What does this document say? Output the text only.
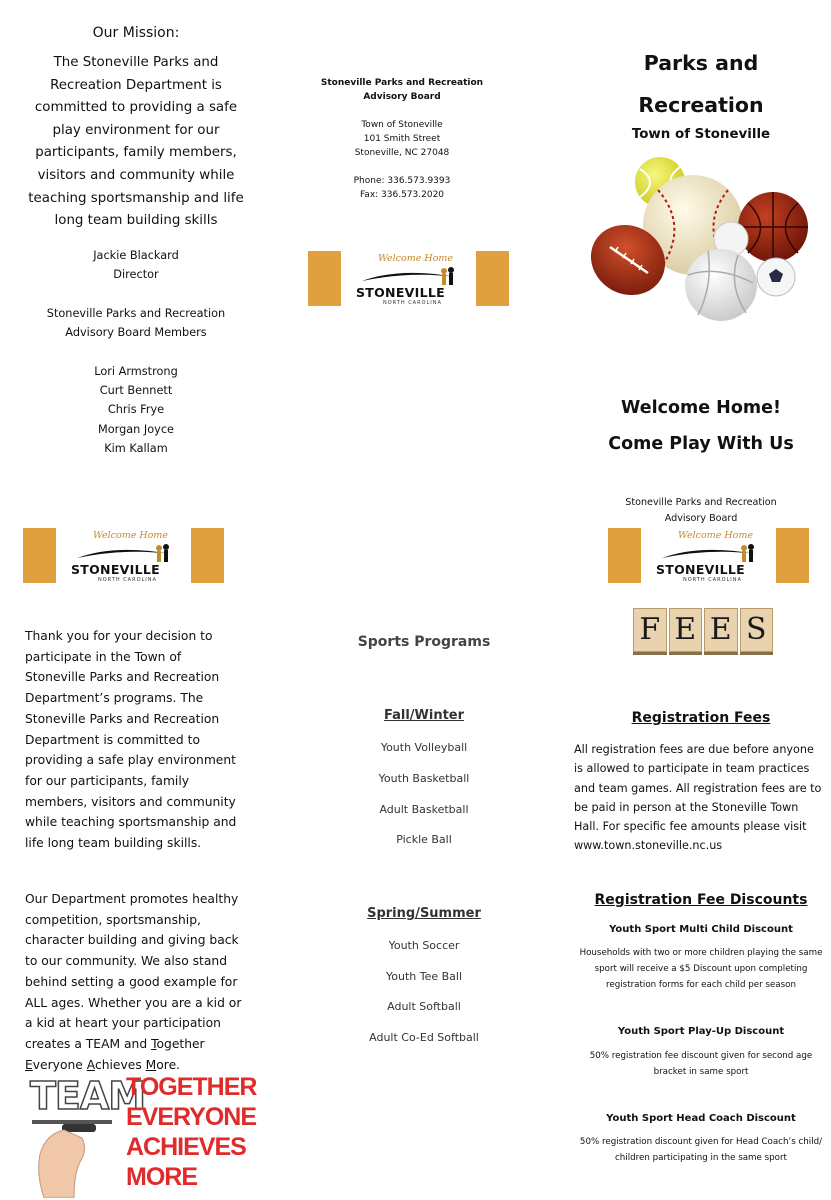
Our Mission:
The Stoneville Parks and Recreation Department is committed to providing a safe play environment for our participants, family members, visitors and community while teaching sportsmanship and life long team building skills
Jackie Blackard
Director
Stoneville Parks and Recreation
Advisory Board Members
Lori Armstrong
Curt Bennett
Chris Frye
Morgan Joyce
Kim Kallam
Welcome Home
STONEVILLE
NORTH CAROLINA
Stoneville Parks and Recreation
Advisory Board
Town of Stoneville
101 Smith Street
Stoneville, NC 27048
Phone: 336.573.9393
Fax: 336.573.2020
Welcome Home
STONEVILLE
NORTH CAROLINA
Parks and
Recreation
Town of Stoneville
Welcome Home!
Come Play With Us
Stoneville Parks and Recreation
Advisory Board
Welcome Home
STONEVILLE
NORTH CAROLINA
Thank you for your decision to participate in the Town of Stoneville Parks and Recreation Department’s programs. The Stoneville Parks and Recreation Department is committed to providing a safe play environment for our participants, family members, visitors and community while teaching sportsmanship and life long team building skills.
Our Department promotes healthy competition, sportsmanship, character building and giving back to our community. We also stand behind setting a good example for ALL ages. Whether you are a kid or a kid at heart your participation creates a TEAM and Together Everyone Achieves More.
TEAM
TOGETHER
EVERYONE
ACHIEVES
MORE
Sports Programs
Fall/Winter
Youth Volleyball
Youth Basketball
Adult Basketball
Pickle Ball
Spring/Summer
Youth Soccer
Youth Tee Ball
Adult Softball
Adult Co-Ed Softball
F E E S
Registration Fees
All registration fees are due before anyone is allowed to participate in team practices and team games. All registration fees are to be paid in person at the Stoneville Town Hall. For specific fee amounts please visit www.town.stoneville.nc.us
Registration Fee Discounts
Youth Sport Multi Child Discount
Households with two or more children playing the same sport will receive a $5 Discount upon completing registration forms for each child per season
Youth Sport Play-Up Discount
50% registration fee discount given for second age bracket in same sport
Youth Sport Head Coach Discount
50% registration discount given for Head Coach’s child/ children participating in the same sport
